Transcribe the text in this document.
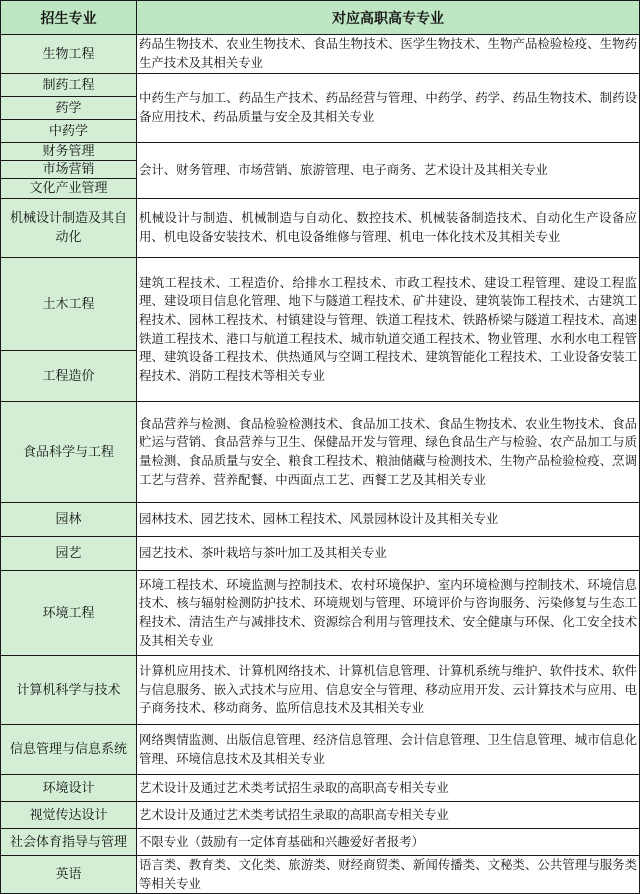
招生专业	对应高职高专专业
生物工程
制药工程
药学
中药学
财务管理
市场营销
文化产业管理
机械设计制造及其自动化
土木工程
工程造价
食品科学与工程
园林
园艺
环境工程
计算机科学与技术
信息管理与信息系统
环境设计
视觉传达设计
社会体育指导与管理
英语
药品生物技术、农业生物技术、食品生物技术、医学生物技术、生物产品检验检疫、生物药生产技术及其相关专业
中药生产与加工、药品生产技术、药品经营与管理、中药学、药学、药品生物技术、制药设备应用技术、药品质量与安全及其相关专业
会计、财务管理、市场营销、旅游管理、电子商务、艺术设计及其相关专业
机械设计与制造、机械制造与自动化、数控技术、机械装备制造技术、自动化生产设备应用、机电设备安装技术、机电设备维修与管理、机电一体化技术及其相关专业
建筑工程技术、工程造价、给排水工程技术、市政工程技术、建设工程管理、建设工程监理、建设项目信息化管理、地下与隧道工程技术、矿井建设、建筑装饰工程技术、古建筑工程技术、园林工程技术、村镇建设与管理、铁道工程技术、铁路桥梁与隧道工程技术、高速铁道工程技术、港口与航道工程技术、城市轨道交通工程技术、物业管理、水利水电工程管理、建筑设备工程技术、供热通风与空调工程技术、建筑智能化工程技术、工业设备安装工程技术、消防工程技术等相关专业
食品营养与检测、食品检验检测技术、食品加工技术、食品生物技术、农业生物技术、食品贮运与营销、食品营养与卫生、保健品开发与管理、绿色食品生产与检验、农产品加工与质量检测、食品质量与安全、粮食工程技术、粮油储藏与检测技术、生物产品检验检疫、烹调工艺与营养、营养配餐、中西面点工艺、西餐工艺及其相关专业
园林技术、园艺技术、园林工程技术、风景园林设计及其相关专业
园艺技术、茶叶栽培与茶叶加工及其相关专业
环境工程技术、环境监测与控制技术、农村环境保护、室内环境检测与控制技术、环境信息技术、核与辐射检测防护技术、环境规划与管理、环境评价与咨询服务、污染修复与生态工程技术、清洁生产与减排技术、资源综合利用与管理技术、安全健康与环保、化工安全技术及其相关专业
计算机应用技术、计算机网络技术、计算机信息管理、计算机系统与维护、软件技术、软件与信息服务、嵌入式技术与应用、信息安全与管理、移动应用开发、云计算技术与应用、电子商务技术、移动商务、监所信息技术及其相关专业
网络舆情监测、出版信息管理、经济信息管理、会计信息管理、卫生信息管理、城市信息化管理、环境信息技术及其相关专业
艺术设计及通过艺术类考试招生录取的高职高专相关专业
艺术设计及通过艺术类考试招生录取的高职高专相关专业
不限专业（鼓励有一定体育基础和兴趣爱好者报考）
语言类、教育类、文化类、旅游类、财经商贸类、新闻传播类、文秘类、公共管理与服务类等相关专业
